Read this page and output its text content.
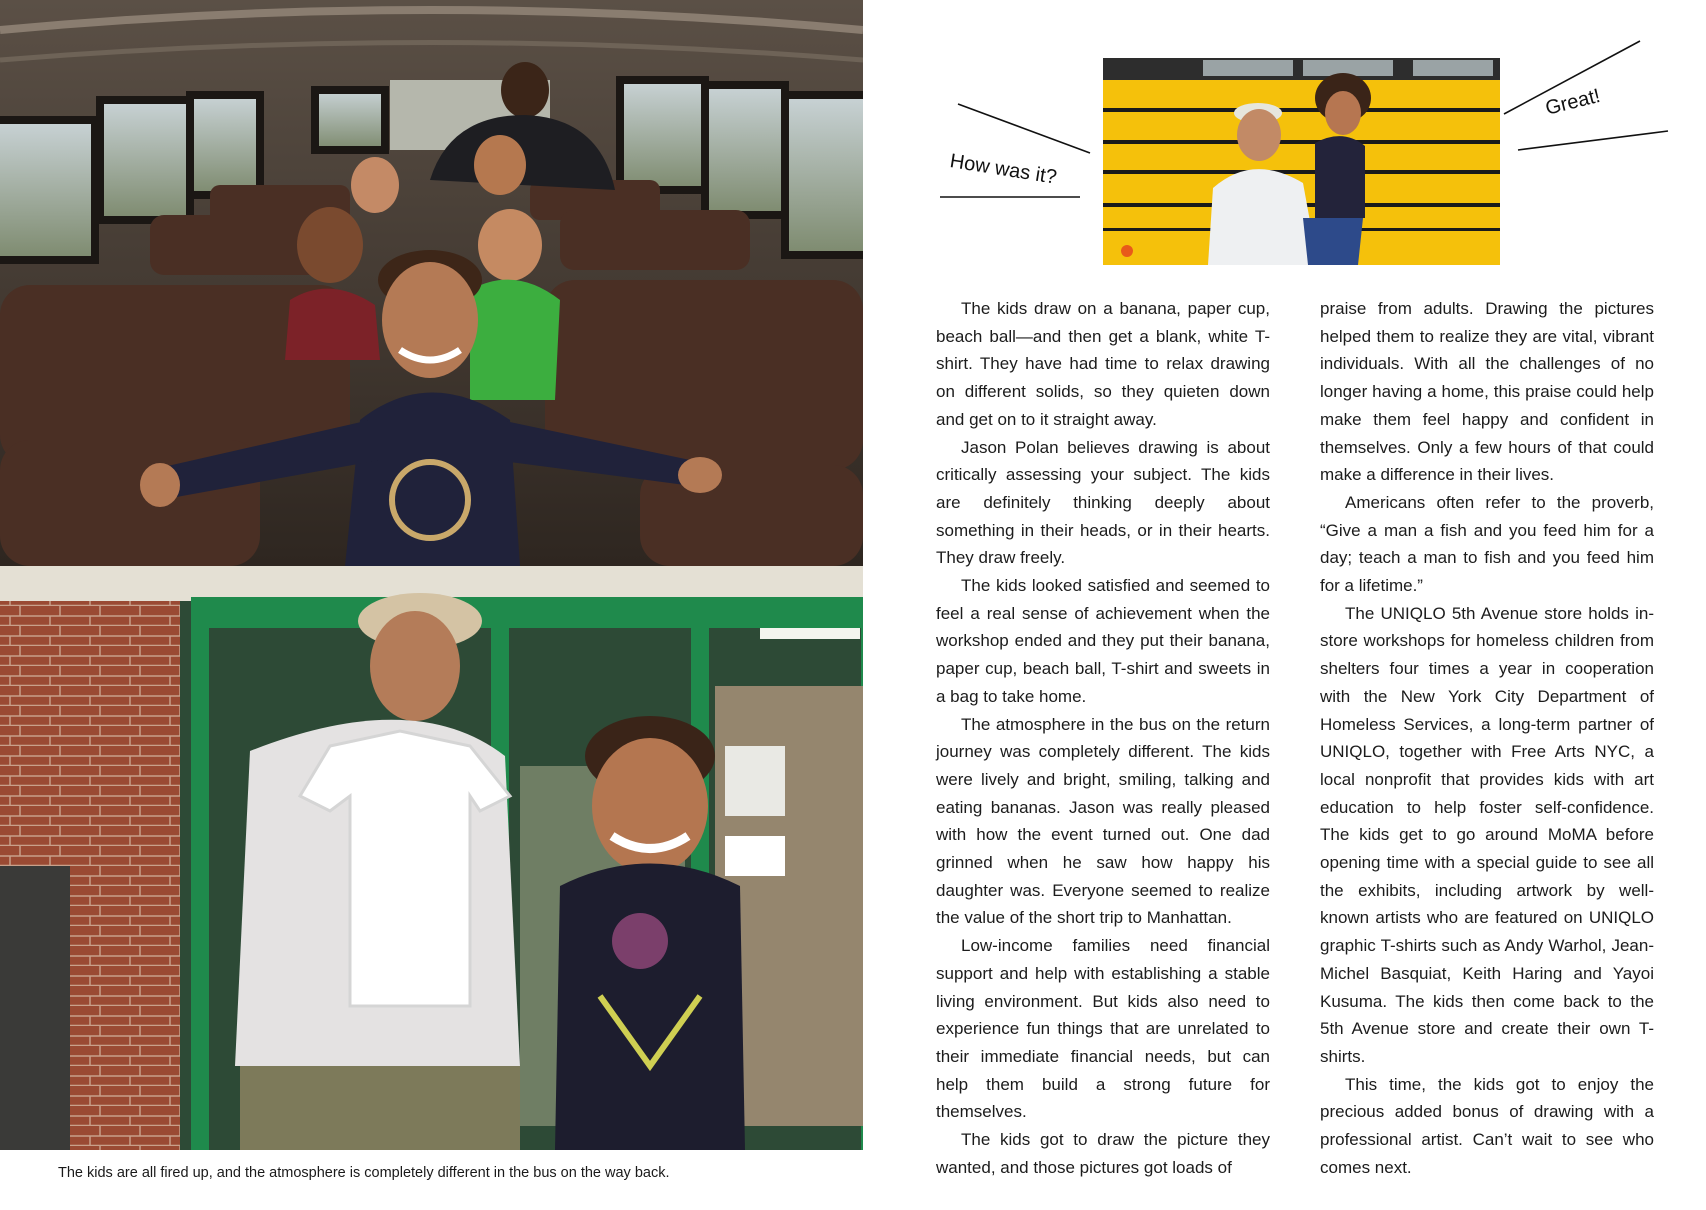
How was it?

Great!

The kids draw on a banana, paper cup, beach ball—and then get a blank, white T-shirt. They have had time to relax drawing on different solids, so they quieten down and get on to it straight away.

Jason Polan believes drawing is about critically assessing your subject. The kids are definitely thinking deeply about something in their heads, or in their hearts. They draw freely.

The kids looked satisfied and seemed to feel a real sense of achievement when the workshop ended and they put their banana, paper cup, beach ball, T-shirt and sweets in a bag to take home.

The atmosphere in the bus on the return journey was completely different. The kids were lively and bright, smiling, talking and eating bananas. Jason was really pleased with how the event turned out. One dad grinned when he saw how happy his daughter was. Everyone seemed to realize the value of the short trip to Manhattan.

Low-income families need financial support and help with establishing a stable living environment. But kids also need to experience fun things that are unrelated to their immediate financial needs, but can help them build a strong future for themselves.

The kids got to draw the picture they wanted, and those pictures got loads of

praise from adults. Drawing the pictures helped them to realize they are vital, vibrant individuals. With all the challenges of no longer having a home, this praise could help make them feel happy and confident in themselves. Only a few hours of that could make a difference in their lives.

Americans often refer to the proverb, “Give a man a fish and you feed him for a day; teach a man to fish and you feed him for a lifetime.”

The UNIQLO 5th Avenue store holds in-store workshops for homeless children from shelters four times a year in cooperation with the New York City Department of Homeless Services, a long-term partner of UNIQLO, together with Free Arts NYC, a local nonprofit that provides kids with art education to help foster self-confidence. The kids get to go around MoMA before opening time with a special guide to see all the exhibits, including artwork by well-known artists who are featured on UNIQLO graphic T-shirts such as Andy Warhol, Jean-Michel Basquiat, Keith Haring and Yayoi Kusuma. The kids then come back to the 5th Avenue store and create their own T-shirts.

This time, the kids got to enjoy the precious added bonus of drawing with a professional artist. Can’t wait to see who comes next.

The kids are all fired up, and the atmosphere is completely different in the bus on the way back.
